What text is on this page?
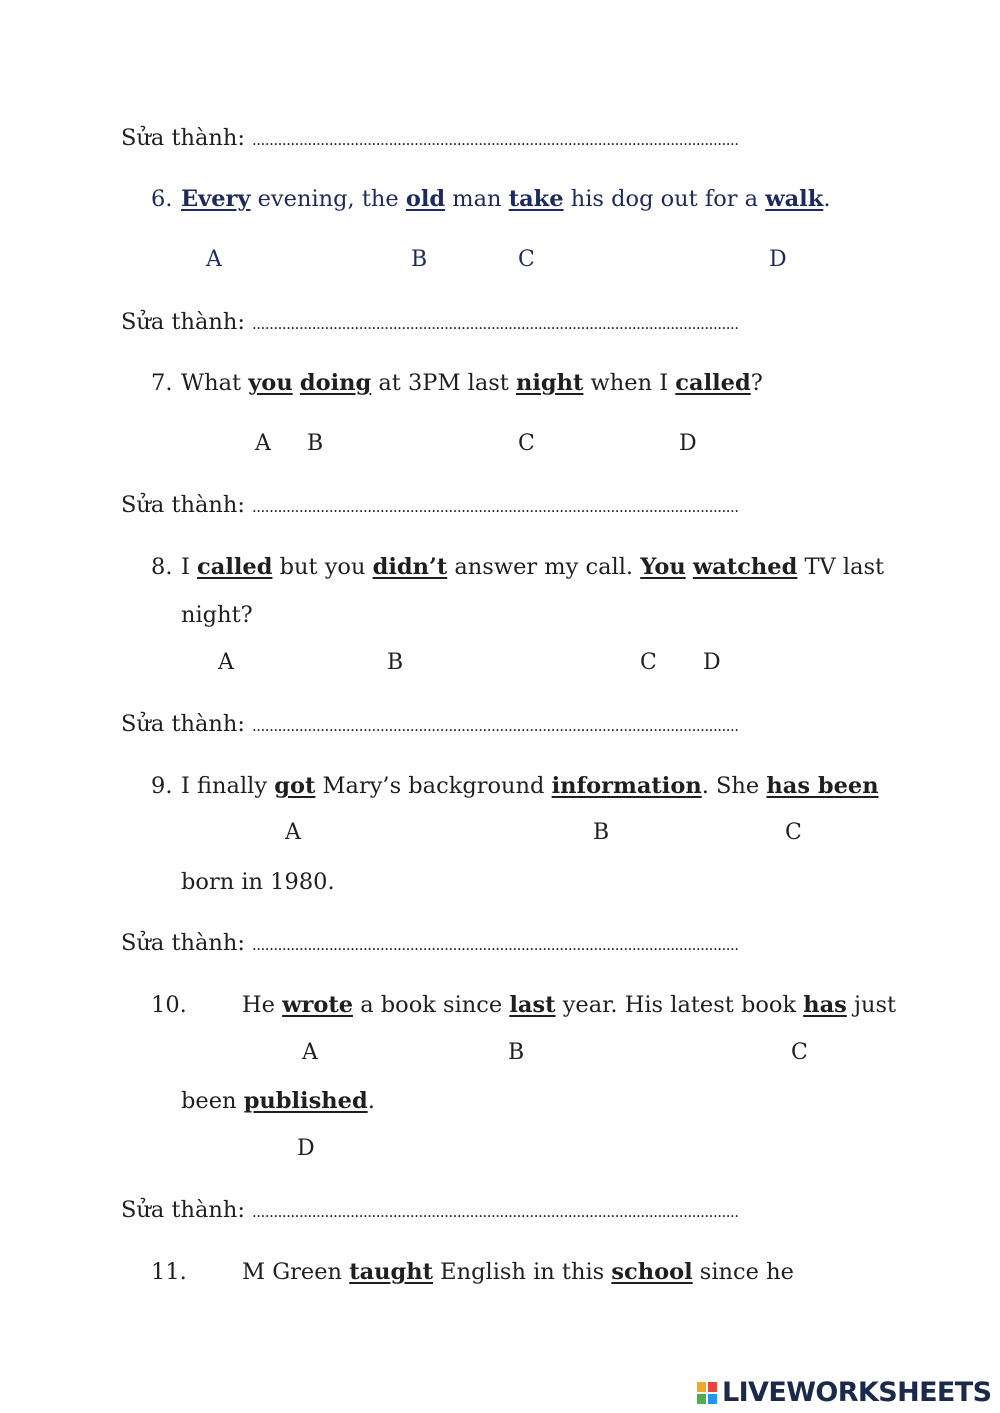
Sửa thành: ..................................................................................................................
6. Every evening, the old man take his dog out for a walk.
A	B	C	D
Sửa thành: ..................................................................................................................
7. What you doing at 3PM last night when I called?
A B	C	D
Sửa thành: ..................................................................................................................
8. I called but you didn’t answer my call. You watched TV last
night?
A	B	C D
Sửa thành: ..................................................................................................................
9. I finally got Mary’s background information. She has been
A	B	C
born in 1980.
Sửa thành: ..................................................................................................................
10. He wrote a book since last year. His latest book has just
A	B	C
been published.
D
Sửa thành: ..................................................................................................................
11. M Green taught English in this school since he
LIVEWORKSHEETS
